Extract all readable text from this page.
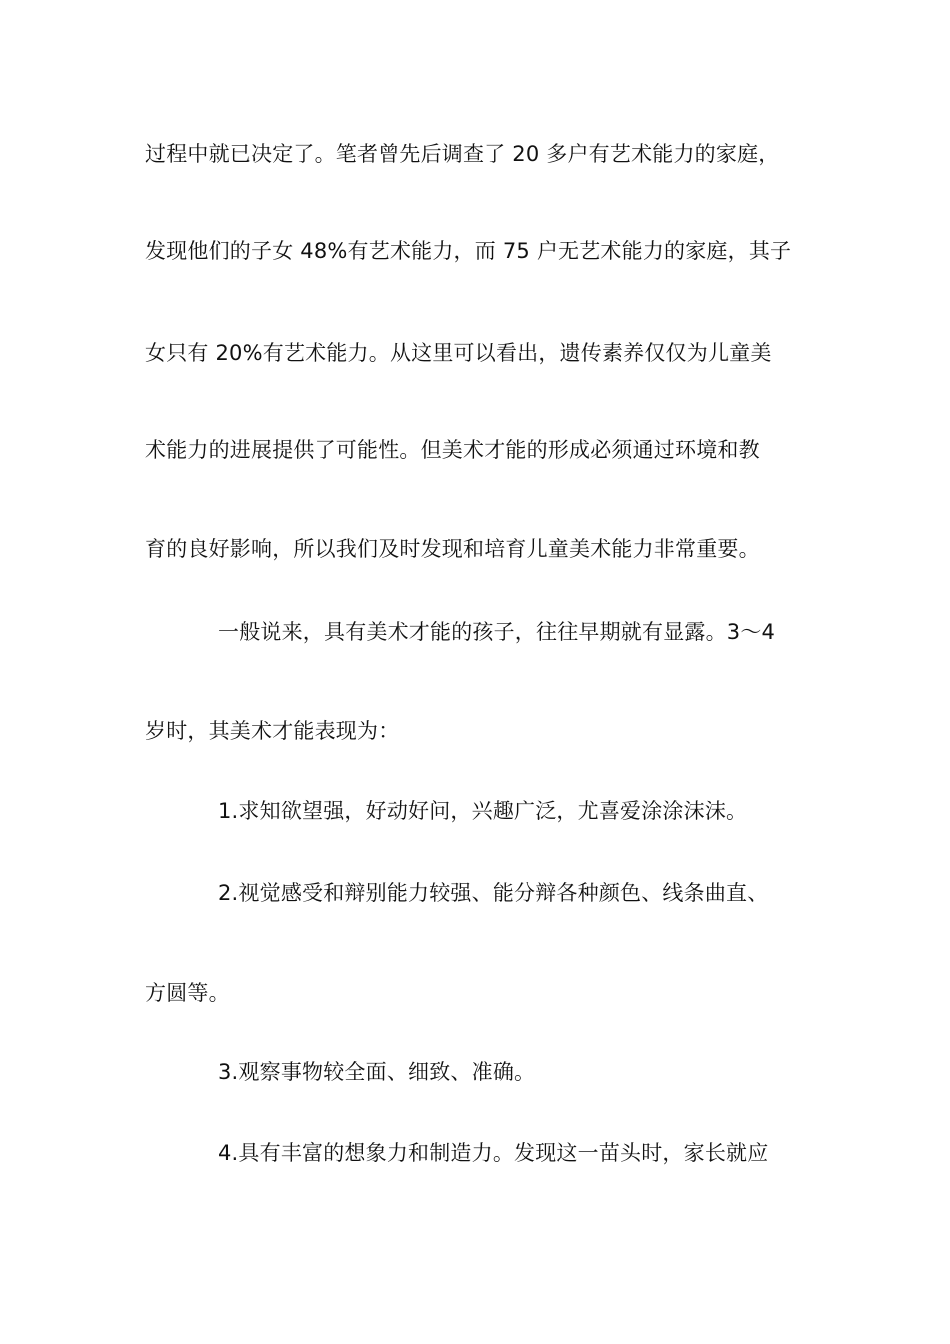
过程中就已决定了。笔者曾先后调查了 20 多户有艺术能力的家庭，
发现他们的子女 48%有艺术能力，而 75 户无艺术能力的家庭，其子
女只有 20%有艺术能力。从这里可以看出，遗传素养仅仅为儿童美
术能力的进展提供了可能性。但美术才能的形成必须通过环境和教
育的良好影响，所以我们及时发现和培育儿童美术能力非常重要。
一般说来，具有美术才能的孩子，往往早期就有显露。3～4
岁时，其美术才能表现为：
1.求知欲望强，好动好问，兴趣广泛，尤喜爱涂涂沫沫。
2.视觉感受和辩别能力较强、能分辩各种颜色、线条曲直、
方圆等。
3.观察事物较全面、细致、准确。
4.具有丰富的想象力和制造力。发现这一苗头时，家长就应
